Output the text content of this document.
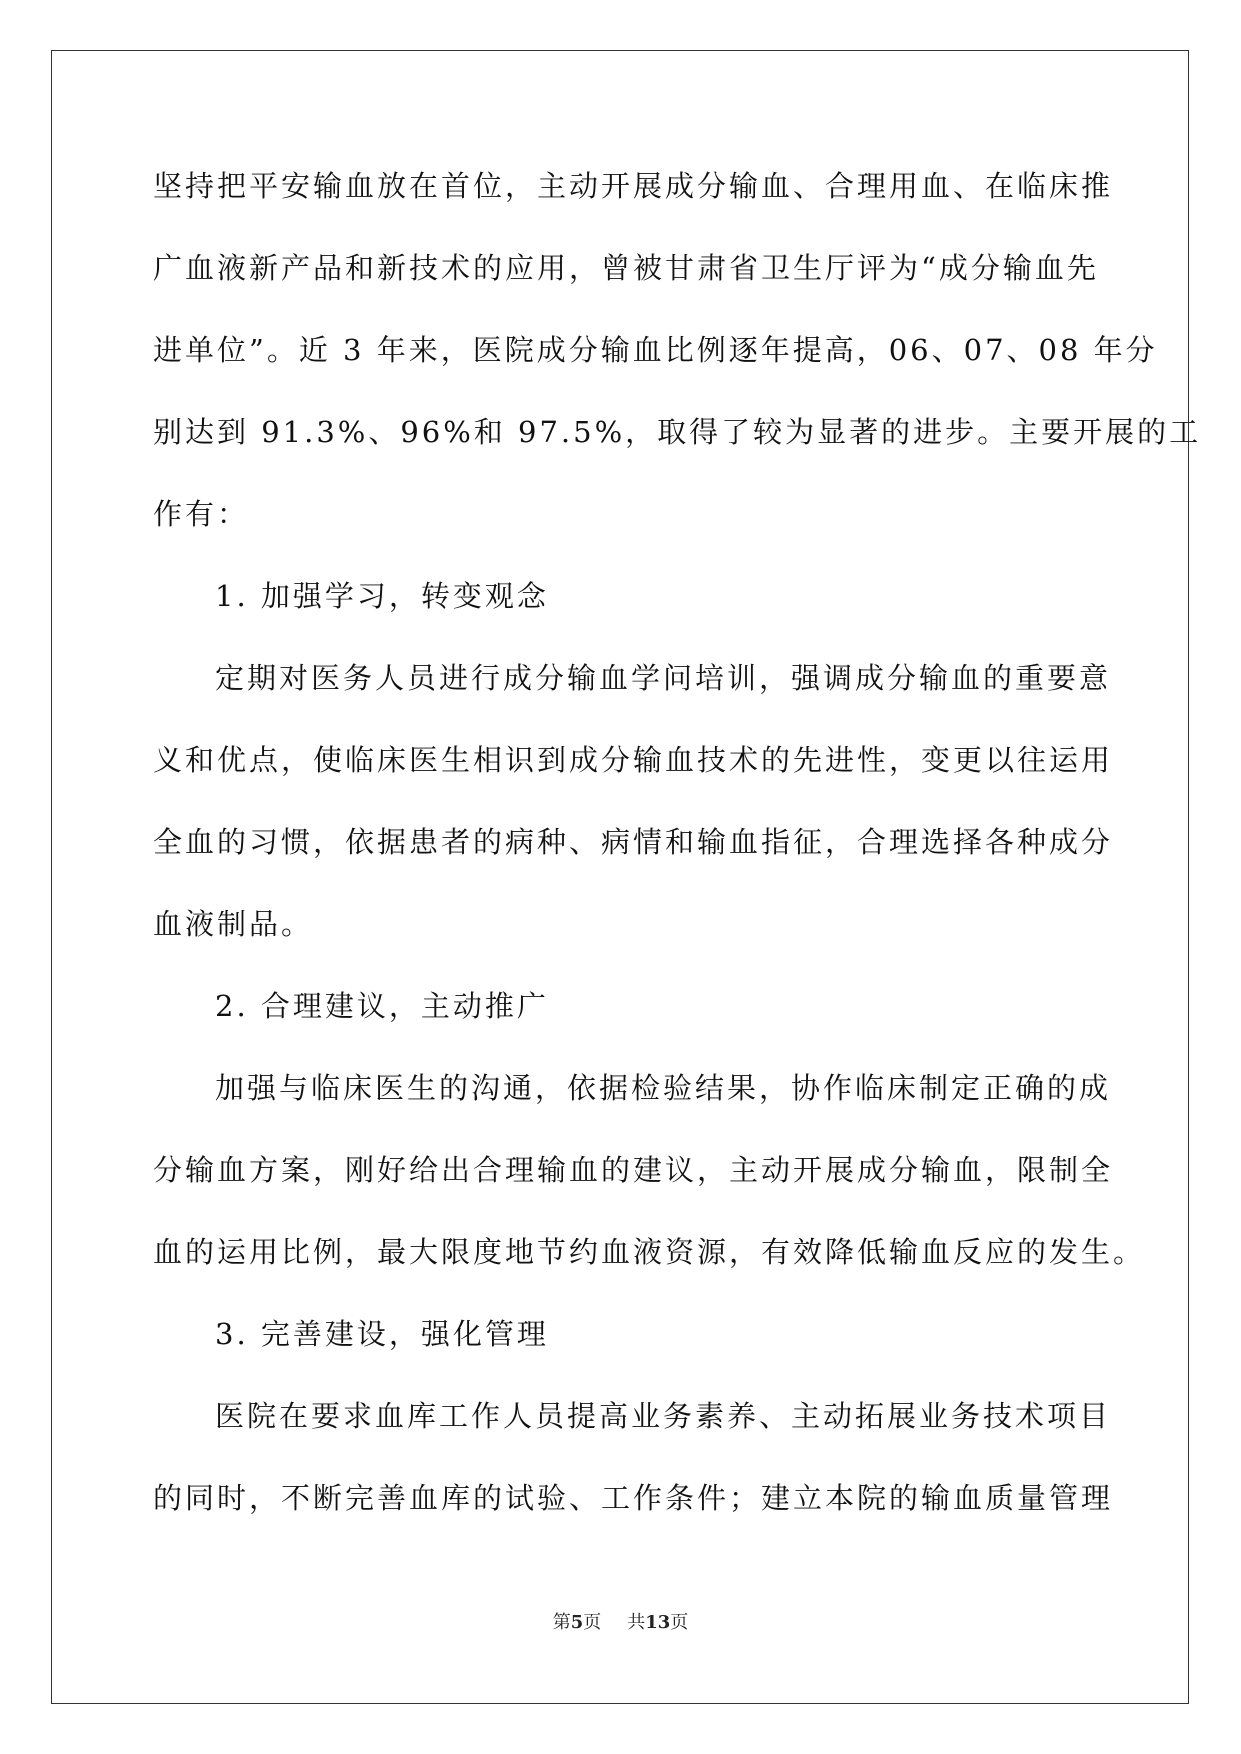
坚持把平安输血放在首位，主动开展成分输血、合理用血、在临床推
广血液新产品和新技术的应用，曾被甘肃省卫生厅评为“成分输血先
进单位”。近 3 年来，医院成分输血比例逐年提高，06、07、08 年分
别达到 91.3%、96%和 97.5%，取得了较为显著的进步。主要开展的工
作有：
1. 加强学习，转变观念
定期对医务人员进行成分输血学问培训，强调成分输血的重要意
义和优点，使临床医生相识到成分输血技术的先进性，变更以往运用
全血的习惯，依据患者的病种、病情和输血指征，合理选择各种成分
血液制品。
2. 合理建议，主动推广
加强与临床医生的沟通，依据检验结果，协作临床制定正确的成
分输血方案，刚好给出合理输血的建议，主动开展成分输血，限制全
血的运用比例，最大限度地节约血液资源，有效降低输血反应的发生。
3. 完善建设，强化管理
医院在要求血库工作人员提高业务素养、主动拓展业务技术项目
的同时，不断完善血库的试验、工作条件；建立本院的输血质量管理
第5页 共13页
